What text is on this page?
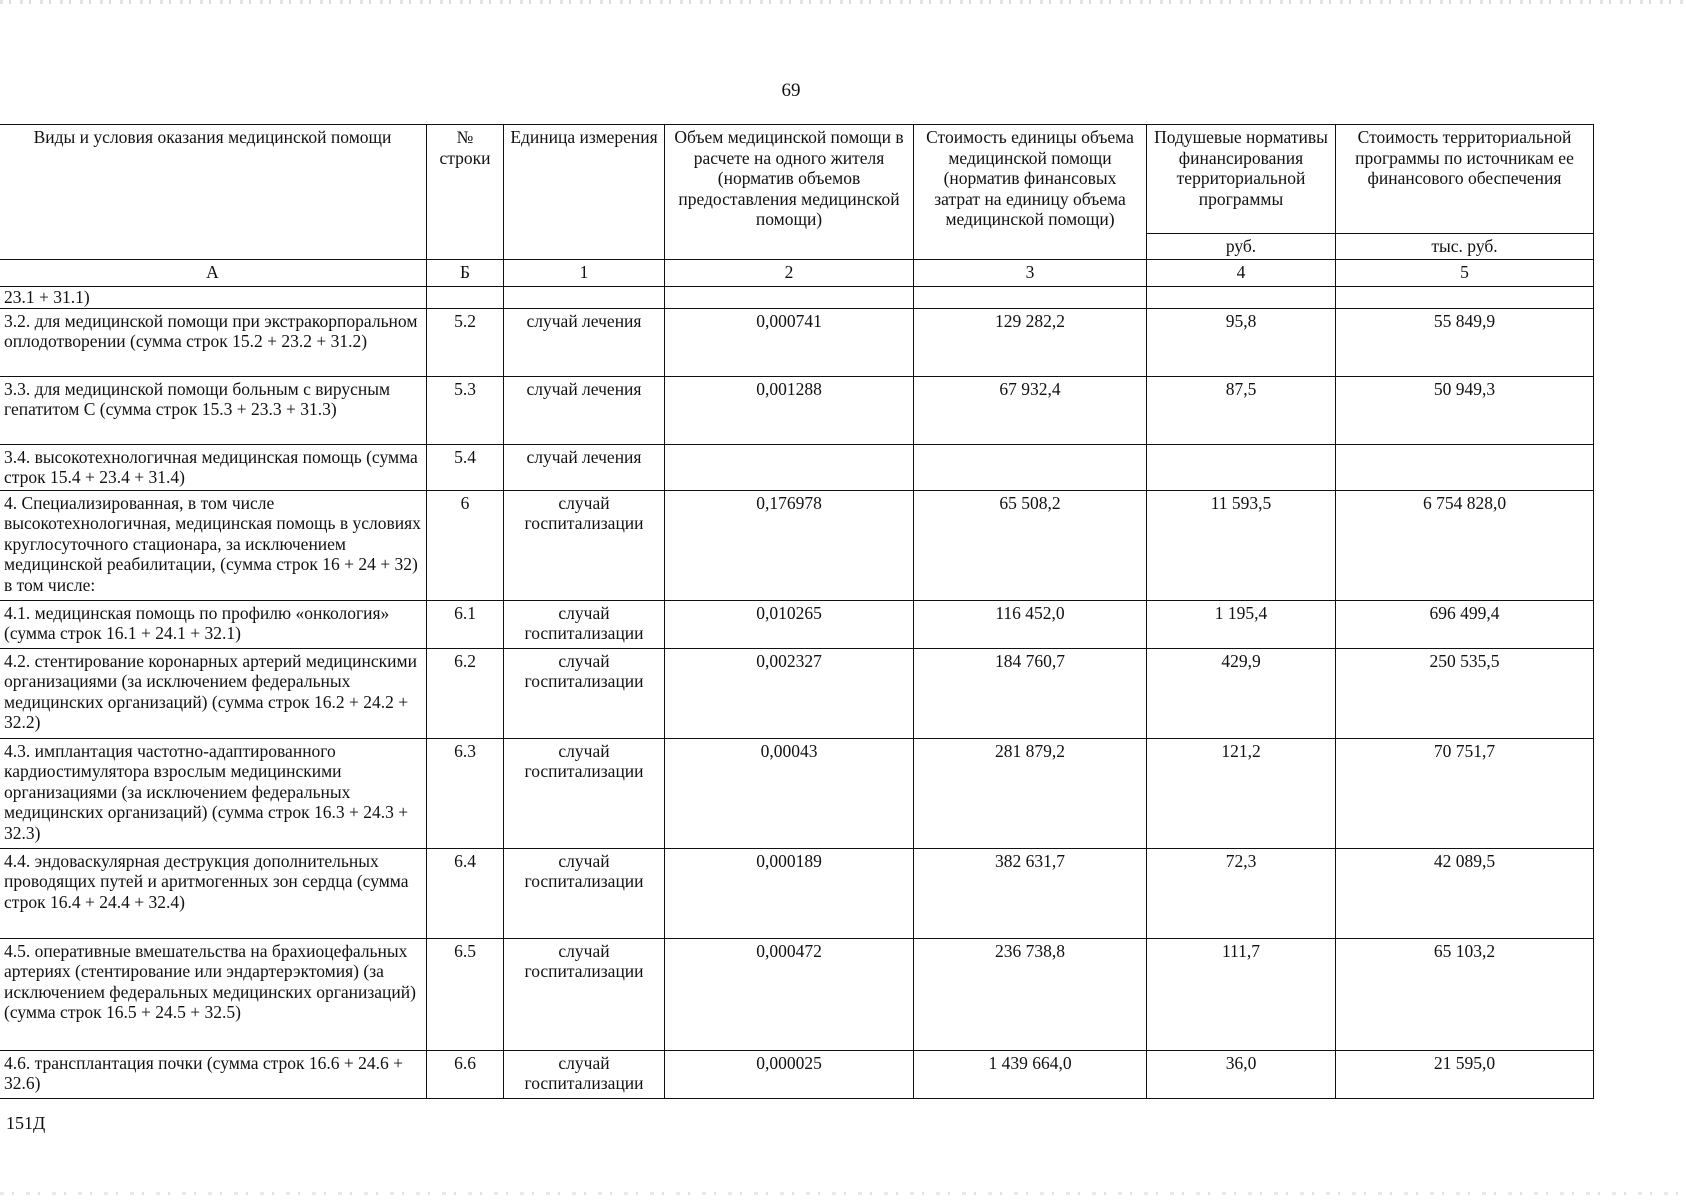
69
Виды и условия оказания медицинской помощи	№ строки	Единица измерения	Объем медицинской помощи в расчете на одного жителя (норматив объемов предоставления медицинской помощи)	Стоимость единицы объема медицинской помощи (норматив финансовых затрат на единицу объема медицинской помощи)	Подушевые нормативы финансирования территориальной программы	Стоимость территориальной программы по источникам ее финансового обеспечения
					руб.	тыс. руб.
А	Б	1	2	3	4	5
23.1 + 31.1)						
3.2. для медицинской помощи при экстракорпоральном оплодотворении (сумма строк 15.2 + 23.2 + 31.2)	5.2	случай лечения	0,000741	129 282,2	95,8	55 849,9
3.3. для медицинской помощи больным с вирусным гепатитом С (сумма строк 15.3 + 23.3 + 31.3)	5.3	случай лечения	0,001288	67 932,4	87,5	50 949,3
3.4. высокотехнологичная медицинская помощь (сумма строк 15.4 + 23.4 + 31.4)	5.4	случай лечения				
4. Специализированная, в том числе высокотехнологичная, медицинская помощь в условиях круглосуточного стационара, за исключением медицинской реабилитации, (сумма строк 16 + 24 + 32) в том числе:	6	случай госпитализации	0,176978	65 508,2	11 593,5	6 754 828,0
4.1. медицинская помощь по профилю «онкология» (сумма строк 16.1 + 24.1 + 32.1)	6.1	случай госпитализации	0,010265	116 452,0	1 195,4	696 499,4
4.2. стентирование коронарных артерий медицинскими организациями (за исключением федеральных медицинских организаций) (сумма строк 16.2 + 24.2 + 32.2)	6.2	случай госпитализации	0,002327	184 760,7	429,9	250 535,5
4.3. имплантация частотно-адаптированного кардиостимулятора взрослым медицинскими организациями (за исключением федеральных медицинских организаций) (сумма строк 16.3 + 24.3 + 32.3)	6.3	случай госпитализации	0,00043	281 879,2	121,2	70 751,7
4.4. эндоваскулярная деструкция дополнительных проводящих путей и аритмогенных зон сердца (сумма строк 16.4 + 24.4 + 32.4)	6.4	случай госпитализации	0,000189	382 631,7	72,3	42 089,5
4.5. оперативные вмешательства на брахиоцефальных артериях (стентирование или эндартерэктомия) (за исключением федеральных медицинских организаций) (сумма строк 16.5 + 24.5 + 32.5)	6.5	случай госпитализации	0,000472	236 738,8	111,7	65 103,2
4.6. трансплантация почки (сумма строк 16.6 + 24.6 + 32.6)	6.6	случай госпитализации	0,000025	1 439 664,0	36,0	21 595,0
151Д
